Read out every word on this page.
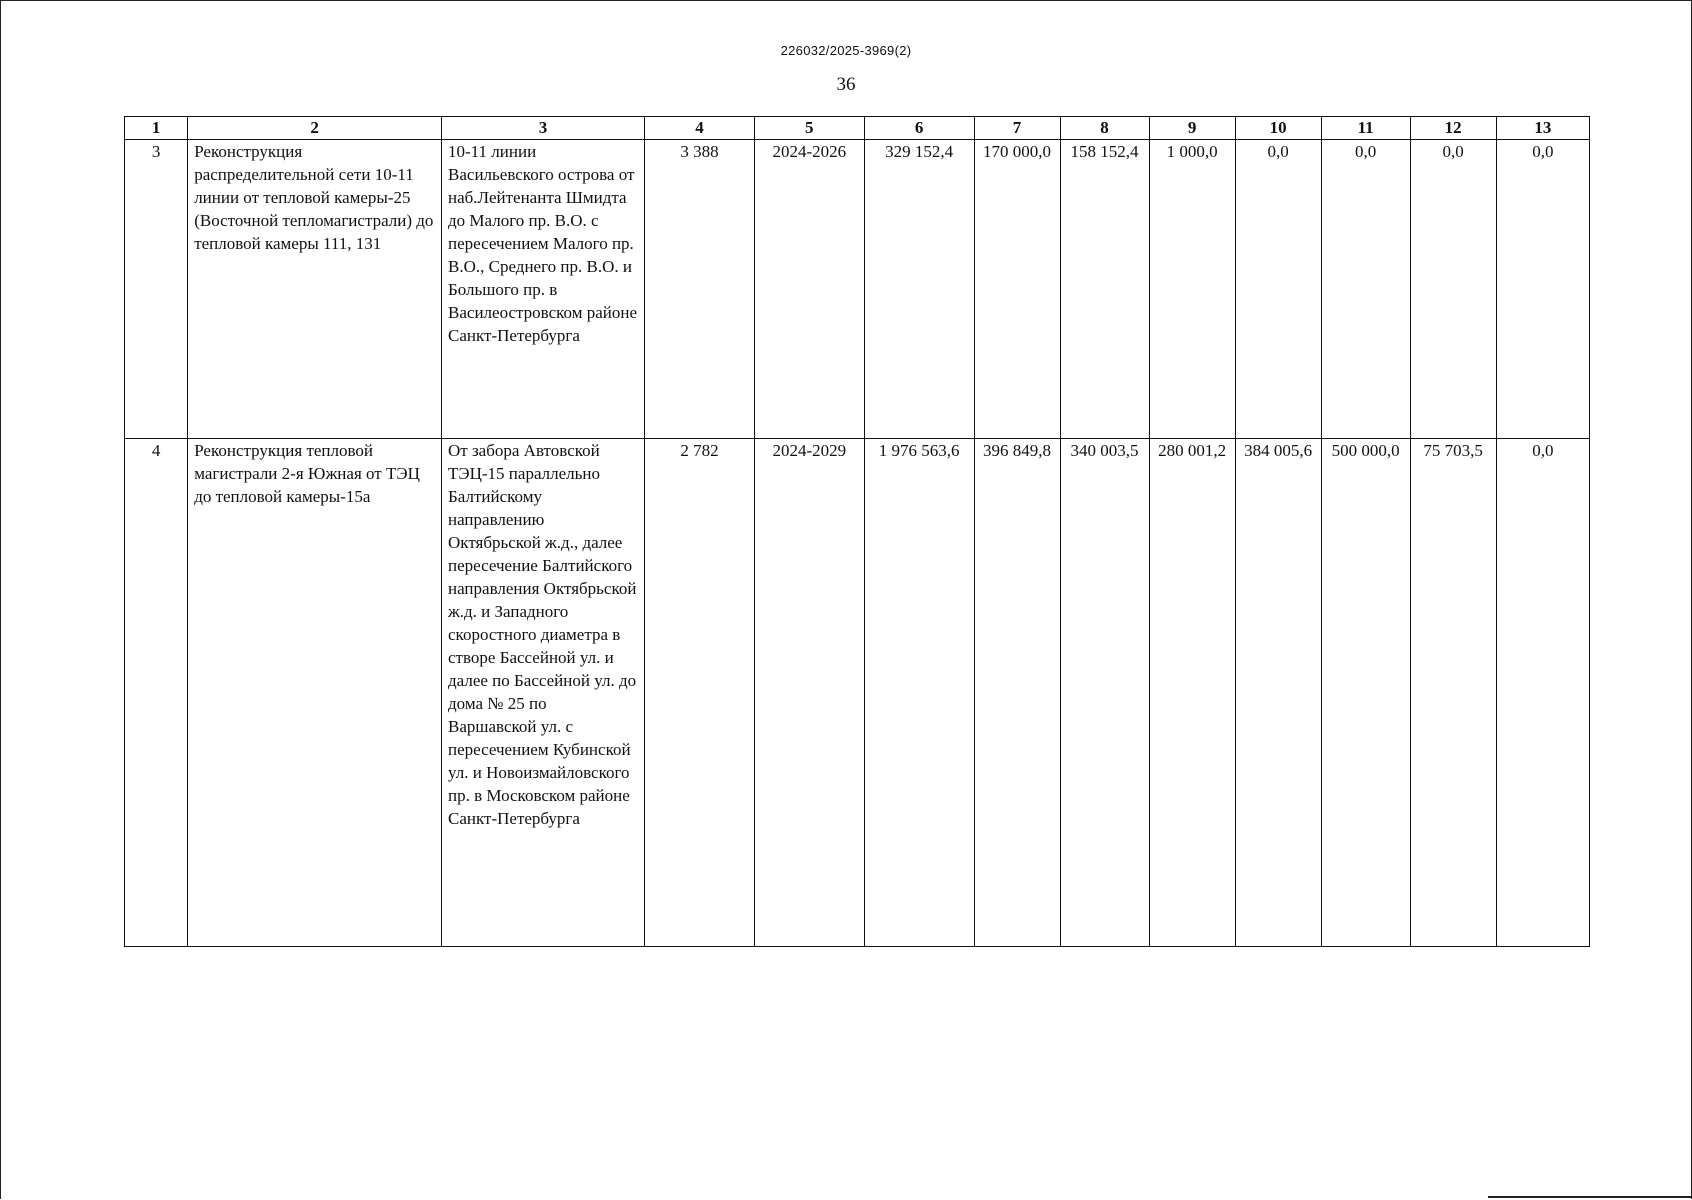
226032/2025-3969(2)
36
1	2	3	4	5	6	7	8	9	10	11	12	13
3	Реконструкция распределительной сети 10-11 линии от тепловой камеры-25 (Восточной тепломагистрали) до тепловой камеры 111, 131	10-11 линии Васильевского острова от наб.Лейтенанта Шмидта до Малого пр. В.О. с пересечением Малого пр. В.О., Среднего пр. В.О. и Большого пр. в Василеостровском районе Санкт-Петербурга	3 388	2024-2026	329 152,4	170 000,0	158 152,4	1 000,0	0,0	0,0	0,0	0,0
4	Реконструкция тепловой магистрали 2-я Южная от ТЭЦ до тепловой камеры-15а	От забора Автовской ТЭЦ-15 параллельно Балтийскому направлению Октябрьской ж.д., далее пересечение Балтийского направления Октябрьской ж.д. и Западного скоростного диаметра в створе Бассейной ул. и далее по Бассейной ул. до дома № 25 по Варшавской ул. с пересечением Кубинской ул. и Новоизмайловского пр. в Московском районе Санкт-Петербурга	2 782	2024-2029	1 976 563,6	396 849,8	340 003,5	280 001,2	384 005,6	500 000,0	75 703,5	0,0
